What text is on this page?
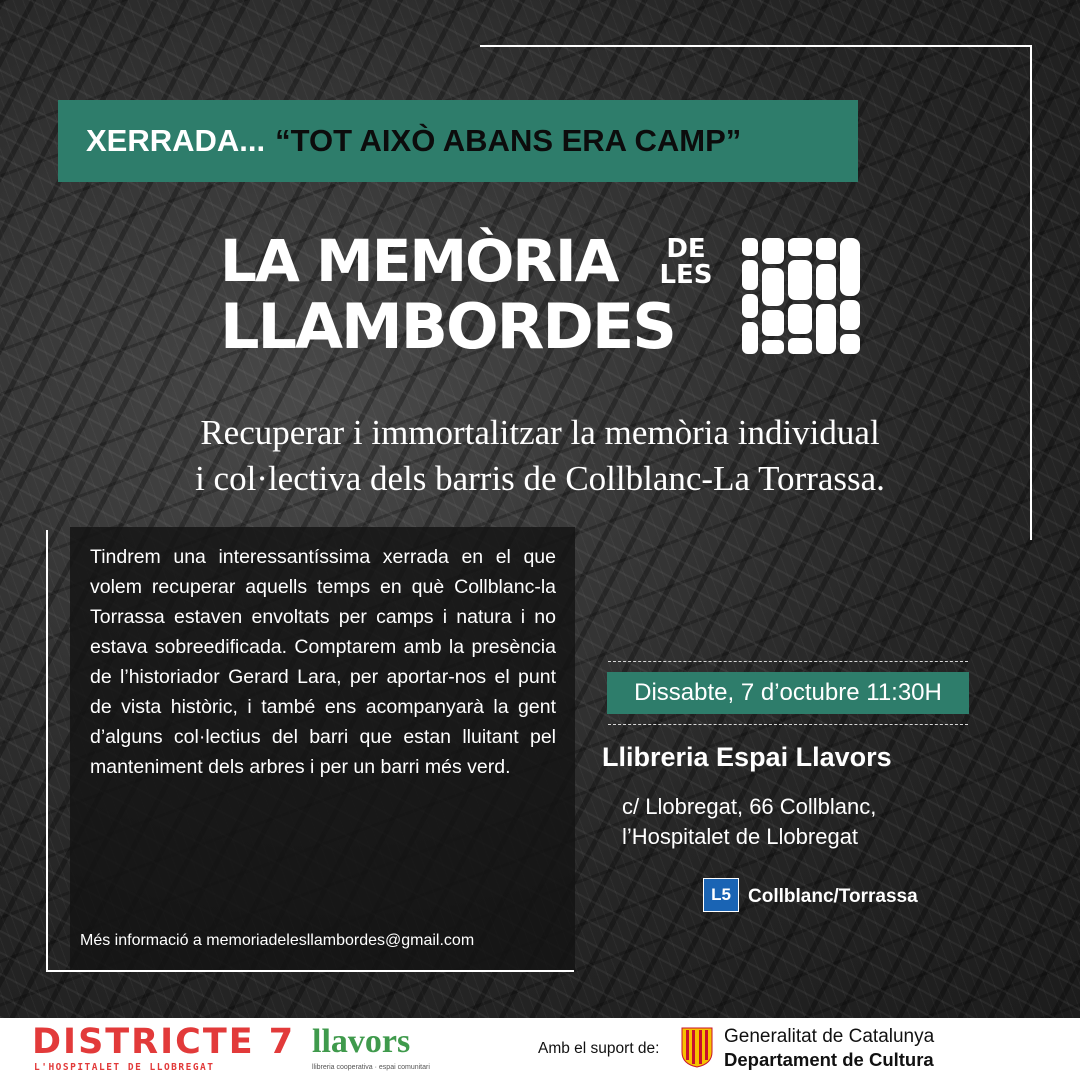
XERRADA... “TOT AIXÒ ABANS ERA CAMP”
LA MEMÒRIA	DE
LES
LLAMBORDES
Recuperar i immortalitzar la memòria individual
i col·lectiva dels barris de Collblanc-La Torrassa.
Tindrem una interessantíssima xerrada en el que volem recuperar aquells temps en què Collblanc-la Torrassa estaven envoltats per camps i natura i no estava sobreedificada. Comptarem amb la presència de l’historiador Gerard Lara, per aportar-nos el punt de vista històric, i també ens acompanyarà la gent d’alguns col·lectius del barri que estan lluitant pel manteniment dels arbres i per un barri més verd.
Més informació a memoriadelesllambordes@gmail.com
Dissabte, 7 d’octubre 11:30H
Llibreria Espai Llavors
c/ Llobregat, 66 Collblanc,
l’Hospitalet de Llobregat
L5 Collblanc/Torrassa
DISTRICTE 7
L'HOSPITALET DE LLOBREGAT
llavors
llibreria cooperativa · espai comunitari
Amb el suport de:
Generalitat de Catalunya
Departament de Cultura
